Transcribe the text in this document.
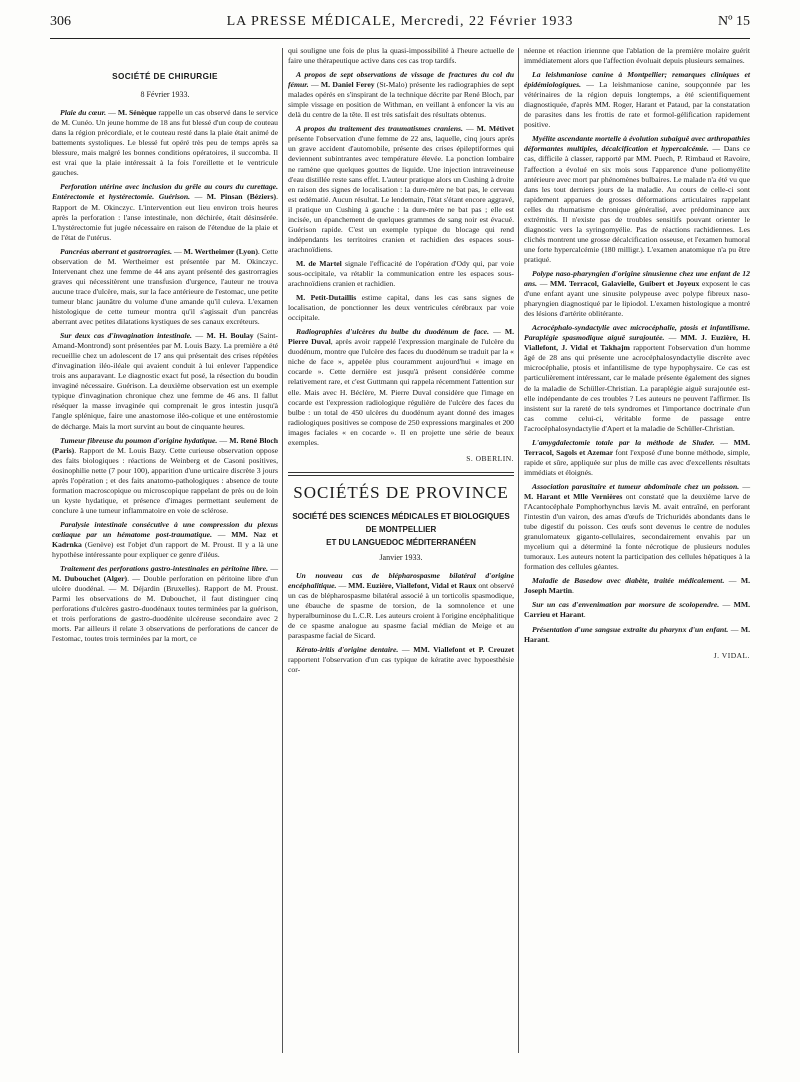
306	LA PRESSE MÉDICALE, Mercredi, 22 Février 1933	Nº 15
SOCIÉTÉ DE CHIRURGIE
8 Février 1933.

Plaie du cœur. — M. Sénèque rappelle un cas observé dans le service de M. Cunéo. Un jeune homme de 18 ans fut blessé d'un coup de couteau dans la région précordiale, et le couteau resté dans la plaie était animé de battements systoliques. Le blessé fut opéré très peu de temps après sa blessure, mais malgré les bonnes conditions opératoires, il succomba. Il est vrai que la plaie intéressait à la fois l'oreillette et le ventricule gauches.

Perforation utérine avec inclusion du grêle au cours du curettage. Entérectomie et hystérectomie. Guérison. — M. Pinsan (Béziers). Rapport de M. Okinczyc. L'intervention eut lieu environ trois heures après la perforation : l'anse intestinale, non déchirée, était désinsérée. L'hystérectomie fut jugée nécessaire en raison de l'étendue de la plaie et de l'état de l'utérus.

Pancréas aberrant et gastrorragies. — M. Wertheimer (Lyon). Cette observation de M. Wertheimer est présentée par M. Okinczyc. Intervenant chez une femme de 44 ans ayant présenté des gastrorragies graves qui nécessitèrent une transfusion d'urgence, l'auteur ne trouva aucune trace d'ulcère, mais, sur la face antérieure de l'estomac, une petite tumeur blanc jaunâtre du volume d'une amande qu'il culeva. L'examen histologique de cette tumeur montra qu'il s'agissait d'un pancréas aberrant avec petites dilatations kystiques de ses canaux excréteurs.

Sur deux cas d'invagination intestinale. — M. H. Boulay (Saint-Amand-Montrond) sont présentées par M. Louis Bazy. La première a été recueillie chez un adolescent de 17 ans qui présentait des crises répétées d'invagination iléo-iléale qui avaient conduit à lui enlever l'appendice trois ans auparavant. Le diagnostic exact fut posé, la résection du boudin invaginé nécessaire. Guérison. La deuxième observation est un exemple typique d'invagination chronique chez une femme de 46 ans. Il fallut réséquer la masse invaginée qui comprenait le gros intestin jusqu'à l'angle splénique, faire une anastomose iléo-colique et une entérostomie de décharge. Mais la mort survint au bout de cinquante heures.

Tumeur fibreuse du poumon d'origine hydatique. — M. René Bloch (Paris). Rapport de M. Louis Bazy. Cette curieuse observation oppose des faits biologiques : réactions de Weinberg et de Casoni positives, éosinophilie nette (7 pour 100), apparition d'une urticaire discrète 3 jours après l'opération ; et des faits anatomo-pathologiques : absence de toute formation macroscopique ou microscopique rappelant de près ou de loin un kyste hydatique, et présence d'images permettant seulement de conclure à une tumeur inflammatoire en voie de sclérose.

Paralysie intestinale consécutive à une compression du plexus cœliaque par un hématome post-traumatique. — MM. Naz et Kadrnka (Genève) est l'objet d'un rapport de M. Proust. Il y a là une hypothèse intéressante pour expliquer ce genre d'iléus.

Traitement des perforations gastro-intestinales en péritoine libre. — M. Dubouchet (Alger). — Double perforation en péritoine libre d'un ulcère duodénal. — M. Déjardin (Bruxelles). Rapport de M. Proust. Parmi les observations de M. Dubouchet, il faut distinguer cinq perforations d'ulcères gastro-duodénaux toutes terminées par la guérison, et trois perforations de gastro-duodénite ulcéreuse secondaire avec 2 morts. Par ailleurs il relate 3 observations de perforations de cancer de l'estomac, toutes trois terminées par la mort, ce

qui souligne une fois de plus la quasi-impossibilité à l'heure actuelle de faire une thérapeutique active dans ces cas trop tardifs.

A propos de sept observations de vissage de fractures du col du fémur. — M. Daniel Ferey (St-Malo) présente les radiographies de sept malades opérés en s'inspirant de la technique décrite par René Bloch, par simple vissage en position de Withman, en veillant à enfoncer la vis au delà du centre de la tête. Il est très satisfait des résultats obtenus.

A propos du traitement des traumatismes craniens. — M. Métivet présente l'observation d'une femme de 22 ans, laquelle, cinq jours après un grave accident d'automobile, présente des crises épileptiformes qui deviennent subintrantes avec température élevée. La ponction lombaire ne ramène que quelques gouttes de liquide. Une injection intraveineuse d'eau distillée reste sans effet. L'auteur pratique alors un Cushing à droite en raison des signes de localisation : la dure-mère ne bat pas, le cerveau est œdématié. Aucun résultat. Le lendemain, l'état s'étant encore aggravé, il pratique un Cushing à gauche : la dure-mère ne bat pas ; elle est incisée, un épanchement de quelques grammes de sang noir est évacué. Guérison rapide. C'est un exemple typique du blocage qui rend indépendants les territoires cranien et rachidien des espaces sous-arachnoïdiens.

M. de Martel signale l'efficacité de l'opération d'Ody qui, par voie sous-occipitale, va rétablir la communication entre les espaces sous-arachnoïdiens cranien et rachidien.

M. Petit-Dutaillis estime capital, dans les cas sans signes de localisation, de ponctionner les deux ventricules cérébraux par voie occipitale.

Radiographies d'ulcères du bulbe du duodénum de face. — M. Pierre Duval, après avoir rappelé l'expression marginale de l'ulcère du duodénum, montre que l'ulcère des faces du duodénum se traduit par la « niche de face », appelée plus couramment aujourd'hui « image en cocarde ». Cette dernière est jusqu'à présent considérée comme relativement rare, et c'est Guttmann qui rappela récemment l'attention sur elle. Mais avec H. Béclère, M. Pierre Duval considère que l'image en cocarde est l'expression radiologique régulière de l'ulcère des faces du bulbe : un total de 450 ulcères du duodénum ayant donné des images radiologiques positives se compose de 250 expressions marginales et 200 images faciales « en cocarde ». Il en projette une série de beaux exemples.

S. OBERLIN.
SOCIÉTÉS DE PROVINCE
SOCIÉTÉ DES SCIENCES MÉDICALES ET BIOLOGIQUES
DE MONTPELLIER
ET DU LANGUEDOC MÉDITERRANÉEN
Janvier 1933.

Un nouveau cas de blépharospasme bilatéral d'origine encéphalitique. — MM. Euzière, Viallefont, Vidal et Raux ont observé un cas de blépharospasme bilatéral associé à un torticolis spasmodique, une ébauche de spasme de torsion, de la somnolence et une hyperalbuminose du L.C.R. Les auteurs croient à l'origine encéphalitique de ce spasme analogue au spasme facial médian de Meige et au paraspasme facial de Sicard.

Kérato-iritis d'origine dentaire. — MM. Viallefont et P. Creuzet rapportent l'observation d'un cas typique de kératite avec hypoesthésie cor-

néenne et réaction iriennne que l'ablation de la première molaire guérit immédiatement alors que l'affection évoluait depuis plusieurs semaines.

La leishmaniose canine à Montpellier; remarques cliniques et épidémiologiques. — La leishmaniose canine, soupçonnée par les vétérinaires de la région depuis longtemps, a été scientifiquement diagnostiquée, d'après MM. Roger, Harant et Pataud, par la constatation de parasites dans les frottis de rate et formol-gélification rapidement positive.

Myélite ascendante mortelle à évolution subaiguë avec arthropathies déformantes multiples, décalcification et hypercalcémie. — Dans ce cas, difficile à classer, rapporté par MM. Puech, P. Rimbaud et Ravoire, l'affection a évolué en six mois sous l'apparence d'une poliomyélite antérieure avec mort par phénomènes bulbaires. Le malade n'a été vu que dans les tout derniers jours de la maladie. Au cours de celle-ci sont rapidement apparues de grosses déformations articulaires rappelant celles du rhumatisme chronique généralisé, avec prédominance aux extrémités. Il n'existe pas de troubles sensitifs pouvant orienter le diagnostic vers la syringomyélie. Pas de réactions rachidiennes. Les clichés montrent une grosse décalcification osseuse, et l'examen humoral une forte hypercalcémie (180 milligr.). L'examen anatomique n'a pu être pratiqué.

Polype naso-pharyngien d'origine sinusienne chez une enfant de 12 ans. — MM. Terracol, Galavielle, Guibert et Joyeux exposent le cas d'une enfant ayant une sinusite polypeuse avec polype fibreux naso-pharyngien diagnostiqué par le lipiodol. L'examen histologique a montré des lésions d'artérite oblitérante.

Acrocéphalo-syndactylie avec microcéphalie, ptosis et infantilisme. Paraplégie spasmodique aiguë surajoutée. — MM. J. Euzière, H. Viallefont, J. Vidal et Takhajm rapportent l'observation d'un homme âgé de 28 ans qui présente une acrocéphalosyndactylie discrète avec microcéphalie, ptosis et infantilisme de type hypophysaire. Ce cas est particulièrement intéressant, car le malade présente également des signes de la maladie de Schüller-Christian. La paraplégie aiguë surajoutée est-elle indépendante de ces troubles ? Les auteurs ne peuvent l'affirmer. Ils insistent sur la rareté de tels syndromes et l'importance doctrinale d'un cas comme celui-ci, véritable forme de passage entre l'acrocéphalosyndactylie d'Apert et la maladie de Schüller-Christian.

L'amygdalectomie totale par la méthode de Sluder. — MM. Terracol, Sagols et Azemar font l'exposé d'une bonne méthode, simple, rapide et sûre, appliquée sur plus de mille cas avec d'excellents résultats immédiats et éloignés.

Association parasitaire et tumeur abdominale chez un poisson. — M. Harant et Mlle Vernières ont constaté que la deuxième larve de l'Acantocéphale Pomphorhynchus lævis M. avait entraîné, en perforant l'intestin d'un vairon, des amas d'œufs de Trichuridés abondants dans le tube digestif du poisson. Ces œufs sont devenus le centre de nodules granulomateux giganto-cellulaires, secondairement envahis par un mycelium qui a déterminé la fonte nécrotique de plusieurs nodules tumoraux. Les auteurs notent la participation des cellules hépatiques à la formation des cellules géantes.

Maladie de Basedow avec diabète, traitée médicalement. — M. Joseph Martin.

Sur un cas d'envenimation par morsure de scolopendre. — MM. Carrieu et Harant.

Présentation d'une sangsue extraite du pharynx d'un enfant. — M. Harant.

J. VIDAL.
